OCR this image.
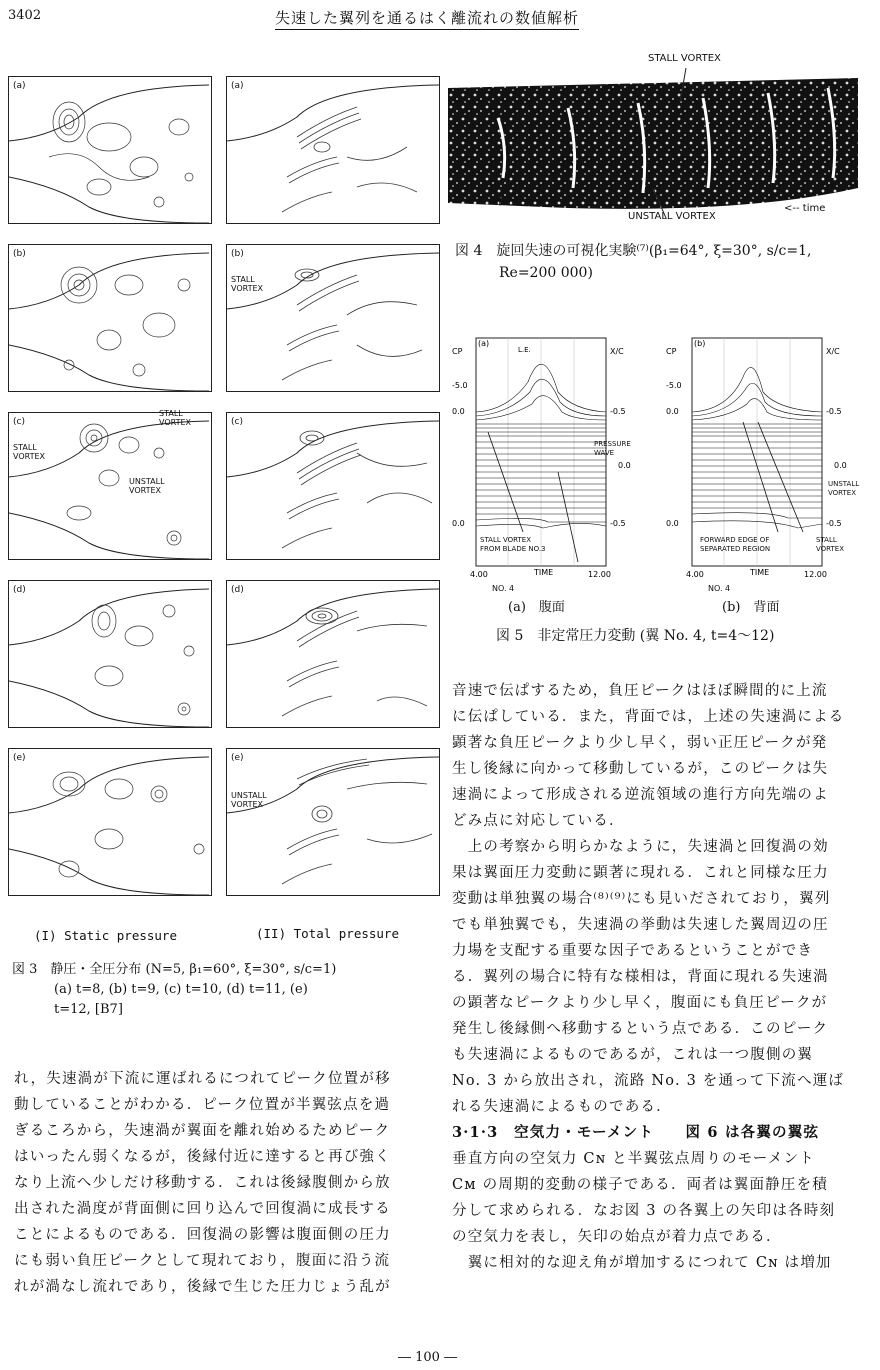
3402	失速した翼列を通るはく離流れの数値解析
(a)
(b)
(c)
STALL
VORTEX
STALL
VORTEX
UNSTALL
VORTEX
(d)
(e)
(a)
(b)
STALL
VORTEX
(c)
(d)
(e)
UNSTALL
VORTEX
(I) Static pressure	(II) Total pressure
図 3　 静圧・全圧分布 (N=5, β₁=60°, ξ=30°, s/c=1)
(a) t=8, (b) t=9, (c) t=10, (d) t=11, (e)
t=12, [B7]
れ，失速渦が下流に運ばれるにつれてピーク位置が移
動していることがわかる．ピーク位置が半翼弦点を過
ぎるころから，失速渦が翼面を離れ始めるためピーク
はいったん弱くなるが，後縁付近に達すると再び強く
なり上流へ少しだけ移動する．これは後縁腹側から放
出された渦度が背面側に回り込んで回復渦に成長する
ことによるものである．回復渦の影響は腹面側の圧力
にも弱い負圧ピークとして現れており，腹面に沿う流
れが渦なし流れであり，後縁で生じた圧力じょう乱が
STALL VORTEX
flow -->
UNSTALL VORTEX
<-- time
図 4　 旋回失速の可視化実験⁽⁷⁾(β₁=64°, ξ=30°, s/c=1,
Re=200 000)
CP	X/C
-5.0
0.0
0.0
-0.5
0.0
-0.5
(a)
L.E.
4.00	12.00
TIME
PRESSURE
WAVE
STALL VORTEX
FROM BLADE NO.3
NO. 4
CP	X/C
-5.0
0.0
0.0
-0.5
0.0
-0.5
(b)
4.00	12.00
TIME
UNSTALL
VORTEX
FORWARD EDGE OF
SEPARATED REGION
STALL
VORTEX
NO. 4
(a)　腹面	(b)　背面
図 5　非定常圧力変動 (翼 No. 4, t=4～12)
音速で伝ぱするため，負圧ピークはほぼ瞬間的に上流
に伝ぱしている．また，背面では，上述の失速渦による
顕著な負圧ピークより少し早く，弱い正圧ピークが発
生し後縁に向かって移動しているが，このピークは失
速渦によって形成される逆流領域の進行方向先端のよ
どみ点に対応している．
　上の考察から明らかなように，失速渦と回復渦の効
果は翼面圧力変動に顕著に現れる．これと同様な圧力
変動は単独翼の場合⁽⁸⁾⁽⁹⁾にも見いだされており，翼列
でも単独翼でも，失速渦の挙動は失速した翼周辺の圧
力場を支配する重要な因子であるということができ
る．翼列の場合に特有な様相は，背面に現れる失速渦
の顕著なピークより少し早く，腹面にも負圧ピークが
発生し後縁側へ移動するという点である．このピーク
も失速渦によるものであるが，これは一つ腹側の翼
No. 3 から放出され，流路 No. 3 を通って下流へ運ば
れる失速渦によるものである．
3·1·3　空気力・モーメント　　図 6 は各翼の翼弦
垂直方向の空気力 Cɴ と半翼弦点周りのモーメント
Cᴍ の周期的変動の様子である．両者は翼面静圧を積
分して求められる．なお図 3 の各翼上の矢印は各時刻
の空気力を表し，矢印の始点が着力点である．
　翼に相対的な迎え角が増加するにつれて Cɴ は増加
― 100 ―
